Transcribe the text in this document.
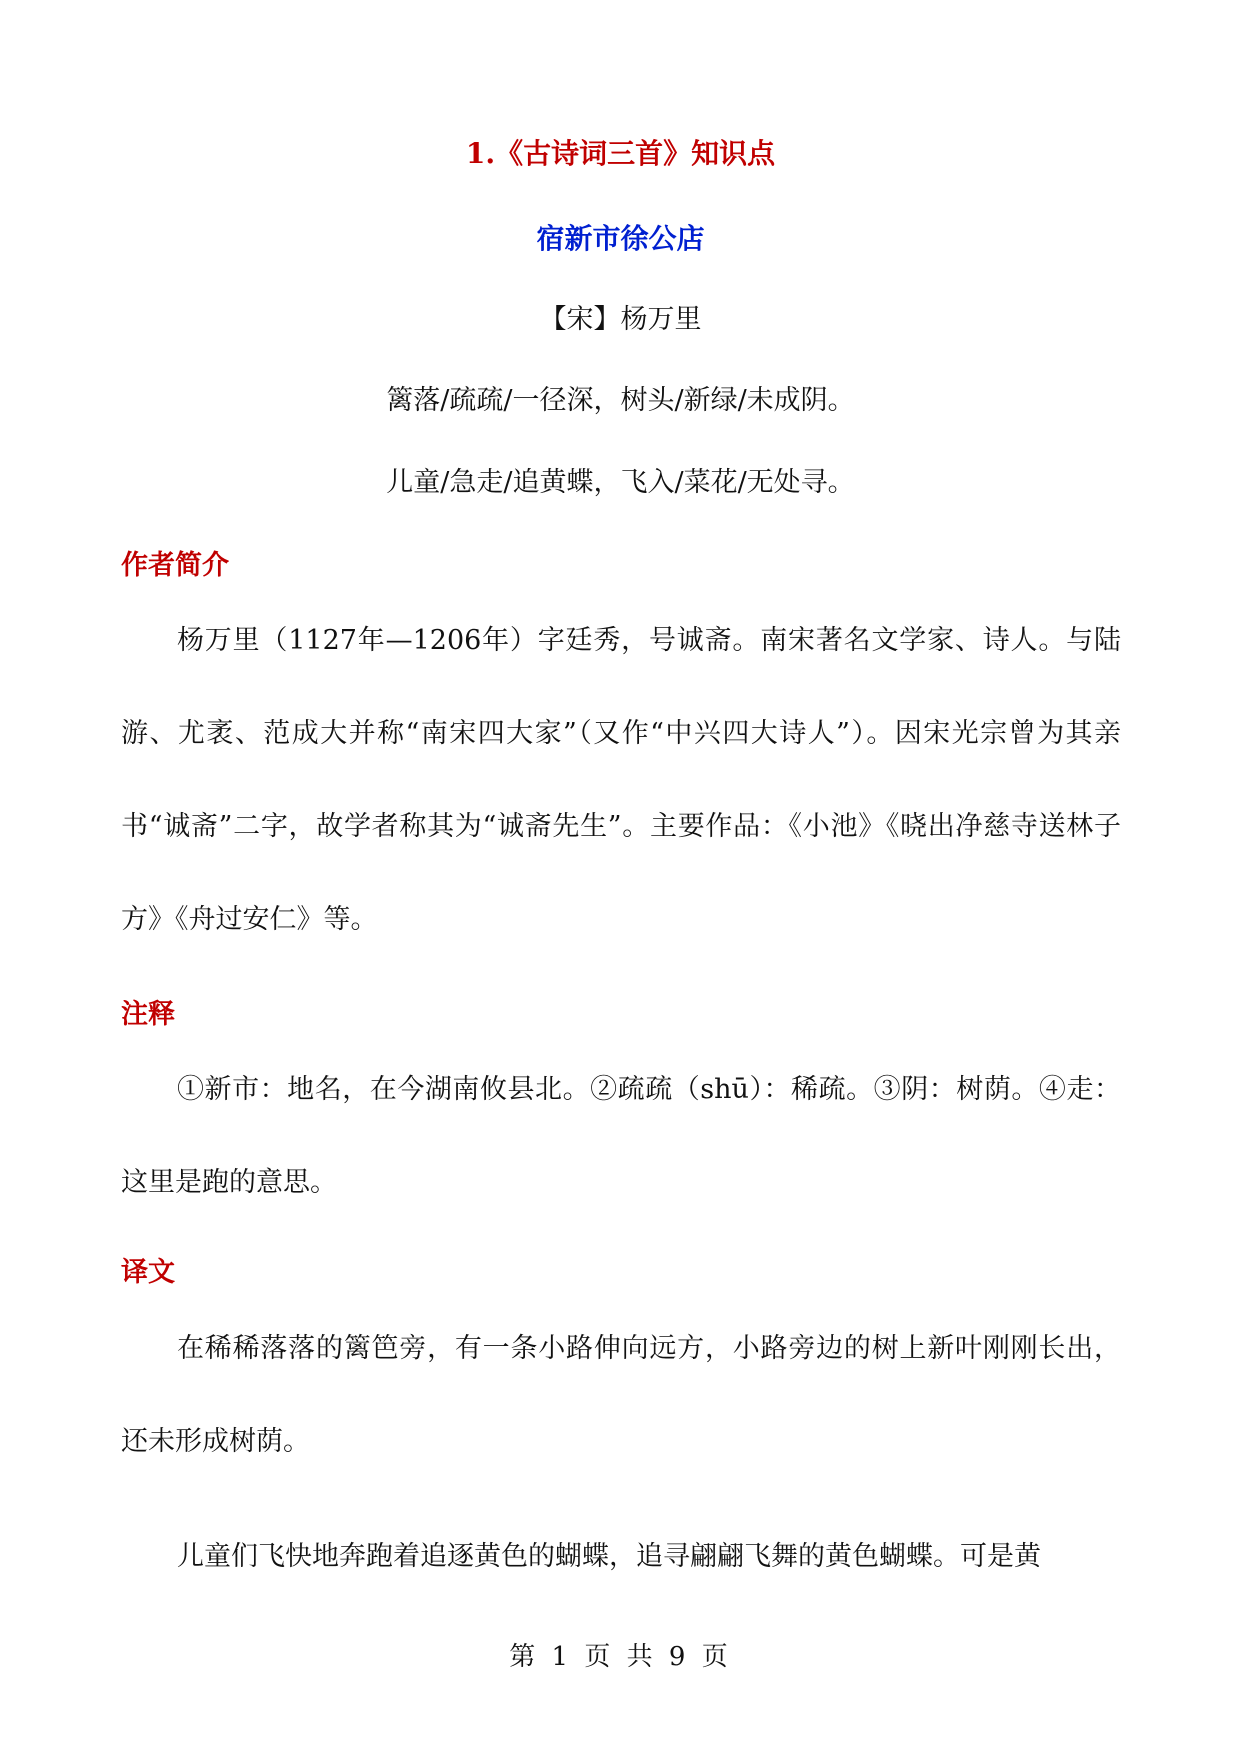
1.《古诗词三首》知识点
宿新市徐公店
【宋】杨万里
篱落/疏疏/一径深，树头/新绿/未成阴。
儿童/急走/追黄蝶，飞入/菜花/无处寻。
作者简介
杨万里（1127年—1206年）字廷秀，号诚斋。南宋著名文学家、诗人。与陆游、尤袤、范成大并称“南宋四大家”（又作“中兴四大诗人”）。因宋光宗曾为其亲书“诚斋”二字，故学者称其为“诚斋先生”。主要作品：《小池》《晓出净慈寺送林子方》《舟过安仁》等。
注释
①新市：地名，在今湖南攸县北。②疏疏（shū）：稀疏。③阴：树荫。④走：这里是跑的意思。
译文
在稀稀落落的篱笆旁，有一条小路伸向远方，小路旁边的树上新叶刚刚长出，还未形成树荫。
儿童们飞快地奔跑着追逐黄色的蝴蝶，追寻翩翩飞舞的黄色蝴蝶。可是黄
第 1 页 共 9 页
